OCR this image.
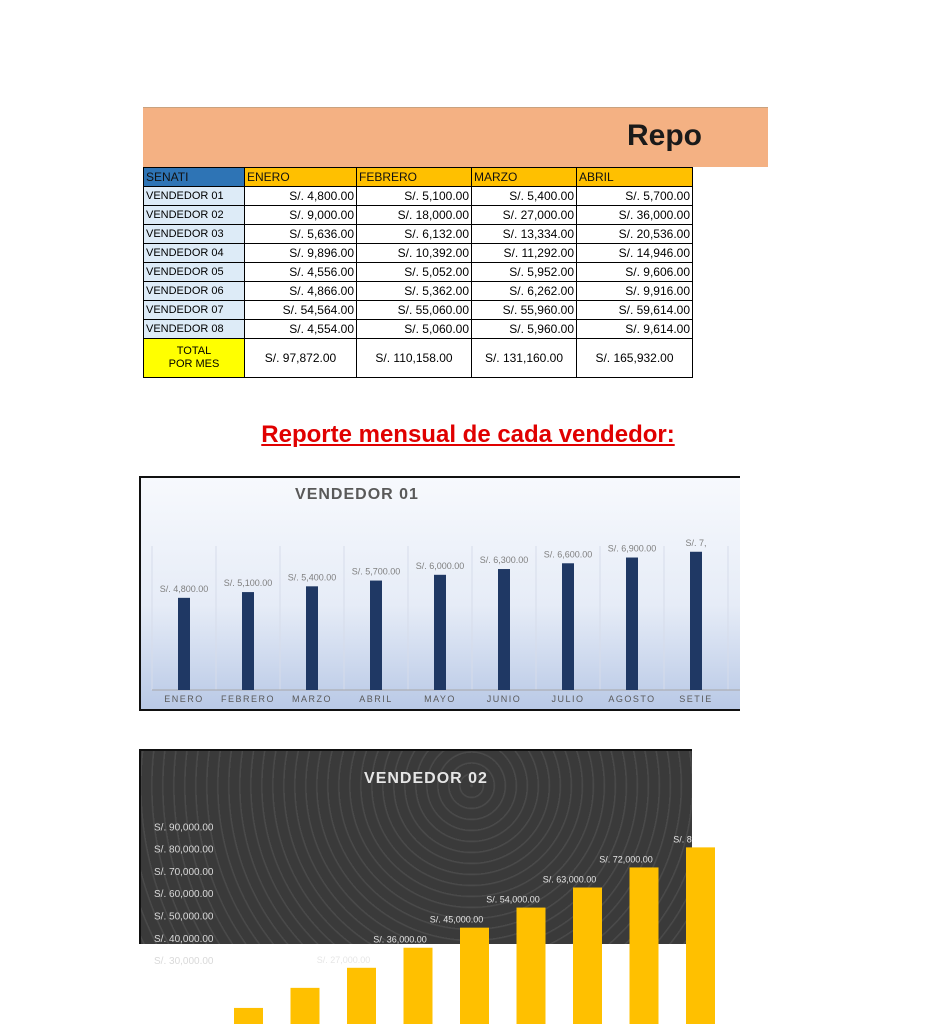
Repo
SENATI	ENERO	FEBRERO	MARZO	ABRIL
VENDEDOR 01	S/. 4,800.00	S/. 5,100.00	S/. 5,400.00	S/. 5,700.00
VENDEDOR 02	S/. 9,000.00	S/. 18,000.00	S/. 27,000.00	S/. 36,000.00
VENDEDOR 03	S/. 5,636.00	S/. 6,132.00	S/. 13,334.00	S/. 20,536.00
VENDEDOR 04	S/. 9,896.00	S/. 10,392.00	S/. 11,292.00	S/. 14,946.00
VENDEDOR 05	S/. 4,556.00	S/. 5,052.00	S/. 5,952.00	S/. 9,606.00
VENDEDOR 06	S/. 4,866.00	S/. 5,362.00	S/. 6,262.00	S/. 9,916.00
VENDEDOR 07	S/. 54,564.00	S/. 55,060.00	S/. 55,960.00	S/. 59,614.00
VENDEDOR 08	S/. 4,554.00	S/. 5,060.00	S/. 5,960.00	S/. 9,614.00

TOTAL
POR MES	S/. 97,872.00	S/. 110,158.00	S/. 131,160.00	S/. 165,932.00
Reporte mensual de cada vendedor:
VENDEDOR 01
S/. 4,800.00
ENERO
S/. 5,100.00
FEBRERO
S/. 5,400.00
MARZO
S/. 5,700.00
ABRIL
S/. 6,000.00
MAYO
S/. 6,300.00
JUNIO
S/. 6,600.00
JULIO
S/. 6,900.00
AGOSTO
S/. 7,
SETIE
VENDEDOR 02
S/. 90,000.00
S/. 80,000.00
S/. 70,000.00
S/. 60,000.00
S/. 50,000.00
S/. 40,000.00
S/. 30,000.00	S/. 27,000.00
S/. 36,000.00
S/. 45,000.00
S/. 54,000.00
S/. 63,000.00
S/. 72,000.00
S/. 8
